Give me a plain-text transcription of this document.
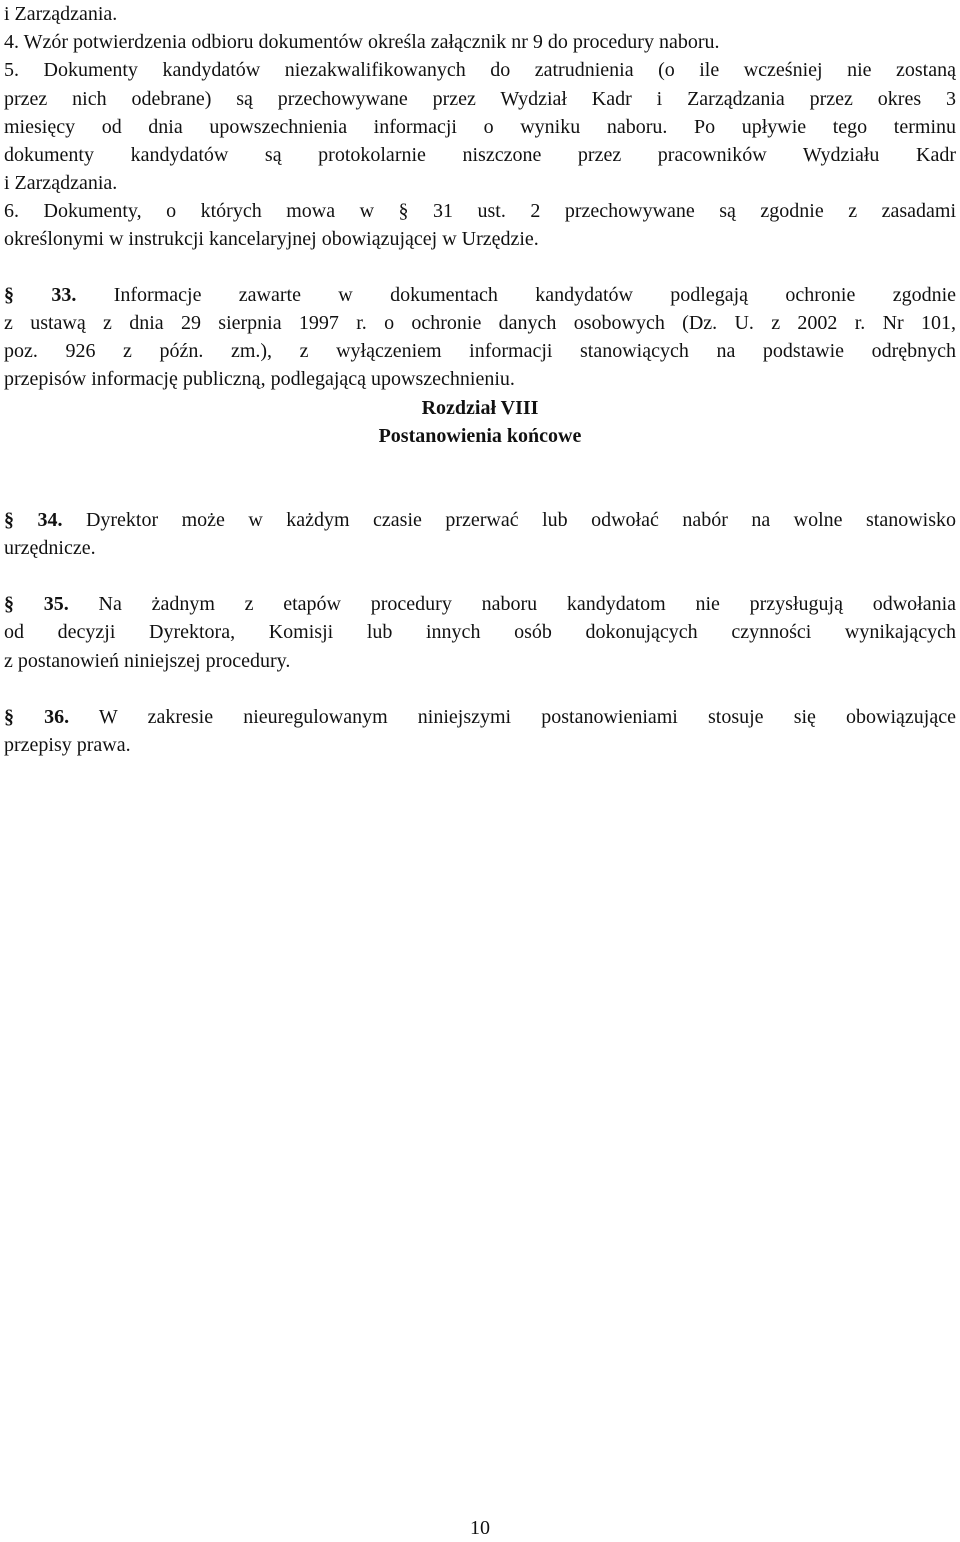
i Zarządzania.
4. Wzór potwierdzenia odbioru dokumentów określa załącznik nr 9 do procedury naboru.
5. Dokumenty kandydatów niezakwalifikowanych do zatrudnienia (o ile wcześniej nie zostaną
przez nich odebrane) są przechowywane przez Wydział Kadr i Zarządzania przez okres 3
miesięcy od dnia upowszechnienia informacji o wyniku naboru. Po upływie tego terminu
dokumenty kandydatów są protokolarnie niszczone przez pracowników Wydziału Kadr
i Zarządzania.
6. Dokumenty, o których mowa w § 31 ust. 2 przechowywane są zgodnie z zasadami
określonymi w instrukcji kancelaryjnej obowiązującej w Urzędzie.
§ 33. Informacje zawarte w dokumentach kandydatów podlegają ochronie zgodnie
z ustawą z dnia 29 sierpnia 1997 r. o ochronie danych osobowych (Dz. U. z 2002 r. Nr 101,
poz. 926 z późn. zm.), z wyłączeniem informacji stanowiących na podstawie odrębnych
przepisów informację publiczną, podlegającą upowszechnieniu.
Rozdział VIII
Postanowienia końcowe
§ 34. Dyrektor może w każdym czasie przerwać lub odwołać nabór na wolne stanowisko
urzędnicze.
§ 35. Na żadnym z etapów procedury naboru kandydatom nie przysługują odwołania
od decyzji Dyrektora, Komisji lub innych osób dokonujących czynności wynikających
z postanowień niniejszej procedury.
§ 36. W zakresie nieuregulowanym niniejszymi postanowieniami stosuje się obowiązujące
przepisy prawa.
10
